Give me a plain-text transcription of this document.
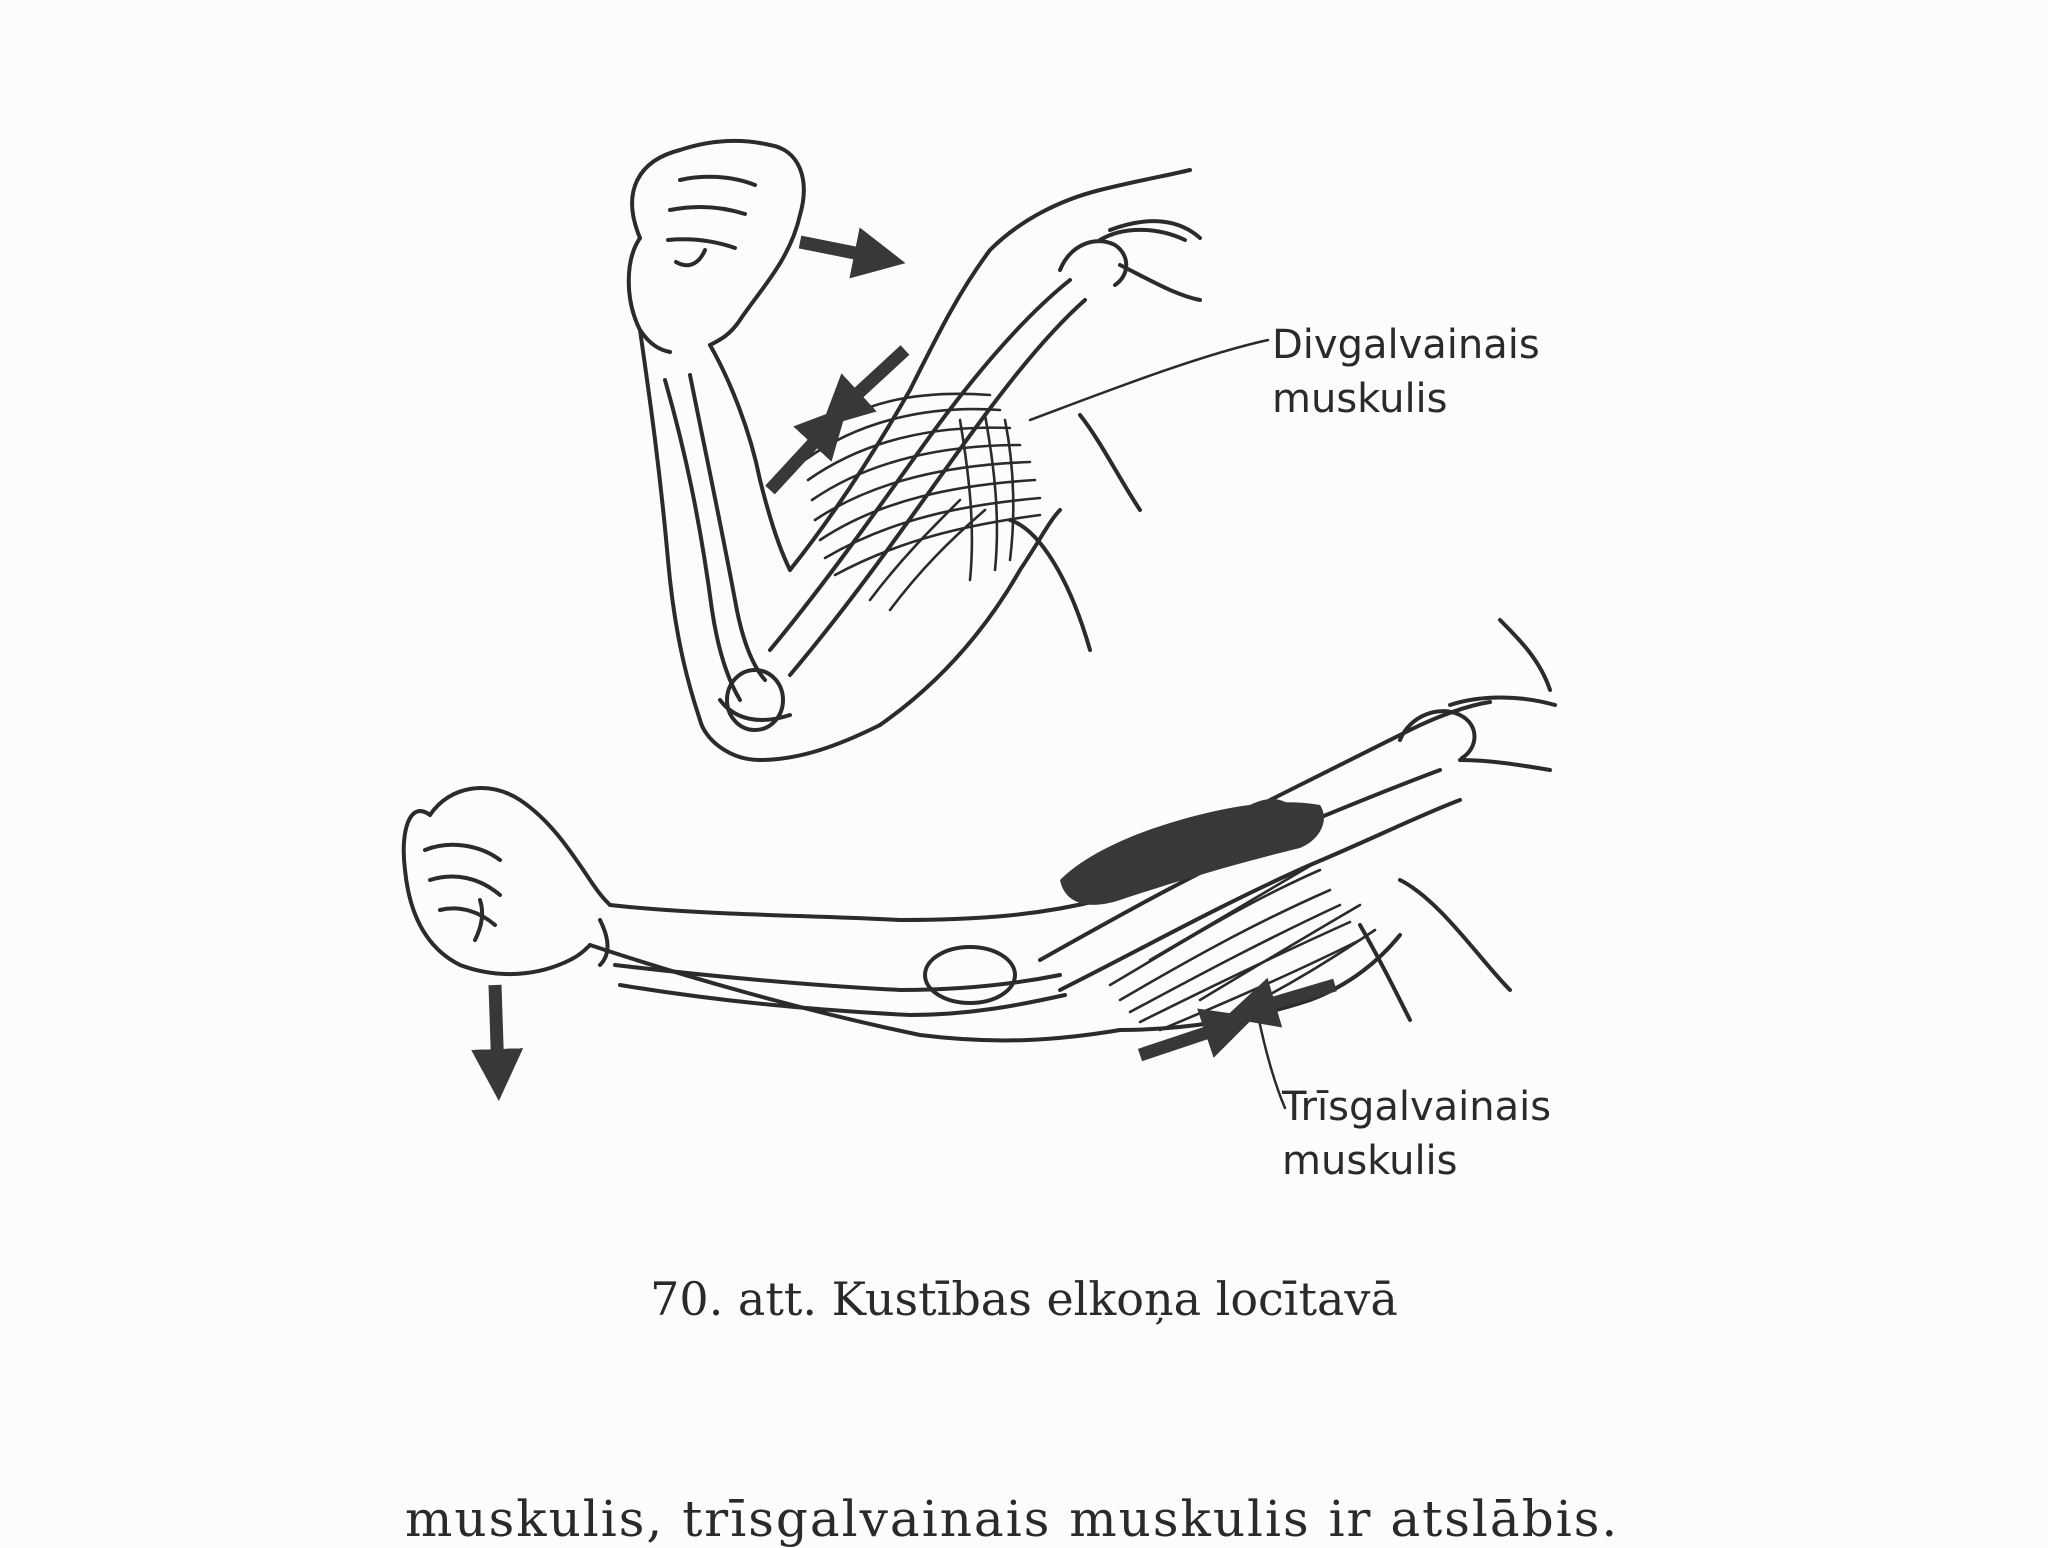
Divgalvainais
muskulis
Trīsgalvainais
muskulis
70. att. Kustības elkoņa locītavā
muskulis, trīsgalvainais muskulis ir atslābis.
